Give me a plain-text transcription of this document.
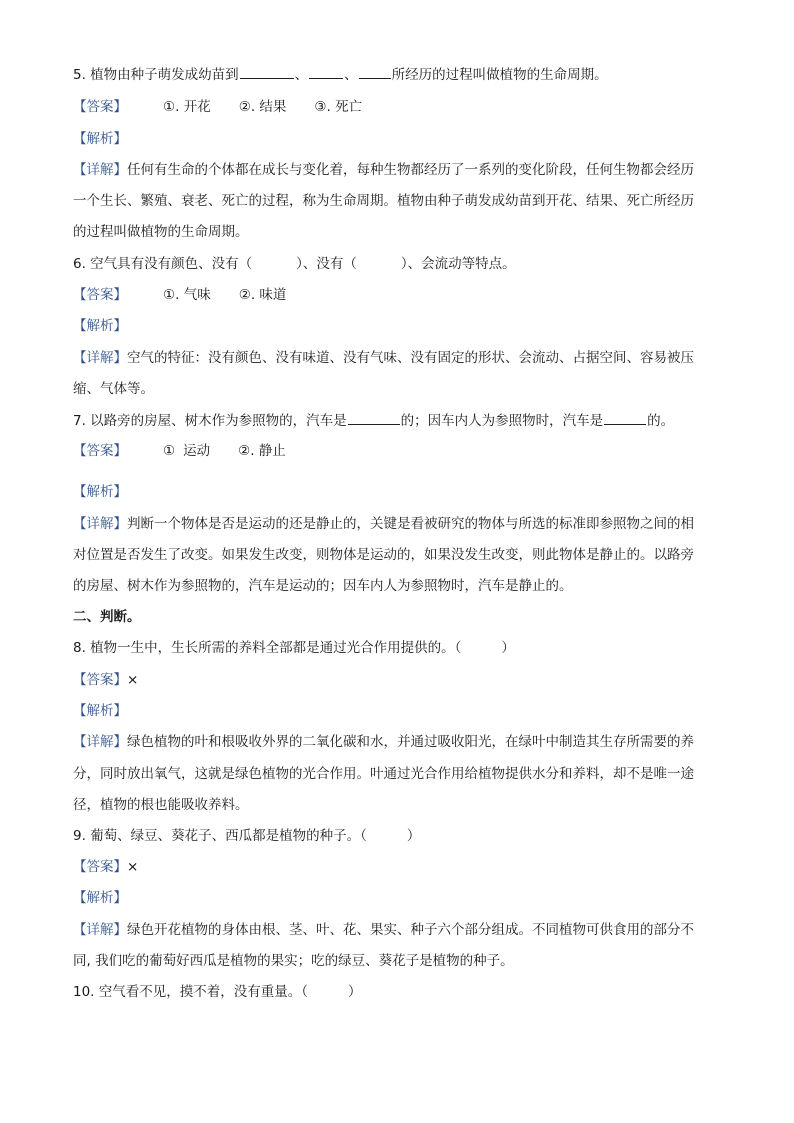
5. 植物由种子萌发成幼苗到	、	、	所经历的过程叫做植物的生命周期。
【答案】	①. 开花 ②. 结果 ③. 死亡
【解析】
【详解】任何有生命的个体都在成长与变化着，每种生物都经历了一系列的变化阶段，任何生物都会经历
一个生长、繁殖、衰老、死亡的过程，称为生命周期。植物由种子萌发成幼苗到开花、结果、死亡所经历
的过程叫做植物的生命周期。
6. 空气具有没有颜色、没有（	）、没有（	）、会流动等特点。
【答案】	①. 气味 ②. 味道
【解析】
【详解】空气的特征：没有颜色、没有味道、没有气味、没有固定的形状、会流动、占据空间、容易被压
缩、气体等。
7. 以路旁的房屋、树木作为参照物的，汽车是	的；因车内人为参照物时，汽车是	的。
【答案】	① 运动 ②. 静止
【解析】
【详解】判断一个物体是否是运动的还是静止的，关键是看被研究的物体与所选的标准即参照物之间的相
对位置是否发生了改变。如果发生改变，则物体是运动的，如果没发生改变，则此物体是静止的。以路旁
的房屋、树木作为参照物的，汽车是运动的；因车内人为参照物时，汽车是静止的。
二、判断。
8. 植物一生中，生长所需的养料全部都是通过光合作用提供的。（	）
【答案】×
【解析】
【详解】绿色植物的叶和根吸收外界的二氧化碳和水，并通过吸收阳光，在绿叶中制造其生存所需要的养
分，同时放出氧气，这就是绿色植物的光合作用。叶通过光合作用给植物提供水分和养料，却不是唯一途
径，植物的根也能吸收养料。
9. 葡萄、绿豆、葵花子、西瓜都是植物的种子。（	）
【答案】×
【解析】
【详解】绿色开花植物的身体由根、茎、叶、花、果实、种子六个部分组成。不同植物可供食用的部分不
同, 我们吃的葡萄好西瓜是植物的果实；吃的绿豆、葵花子是植物的种子。
10. 空气看不见，摸不着，没有重量。（	）
